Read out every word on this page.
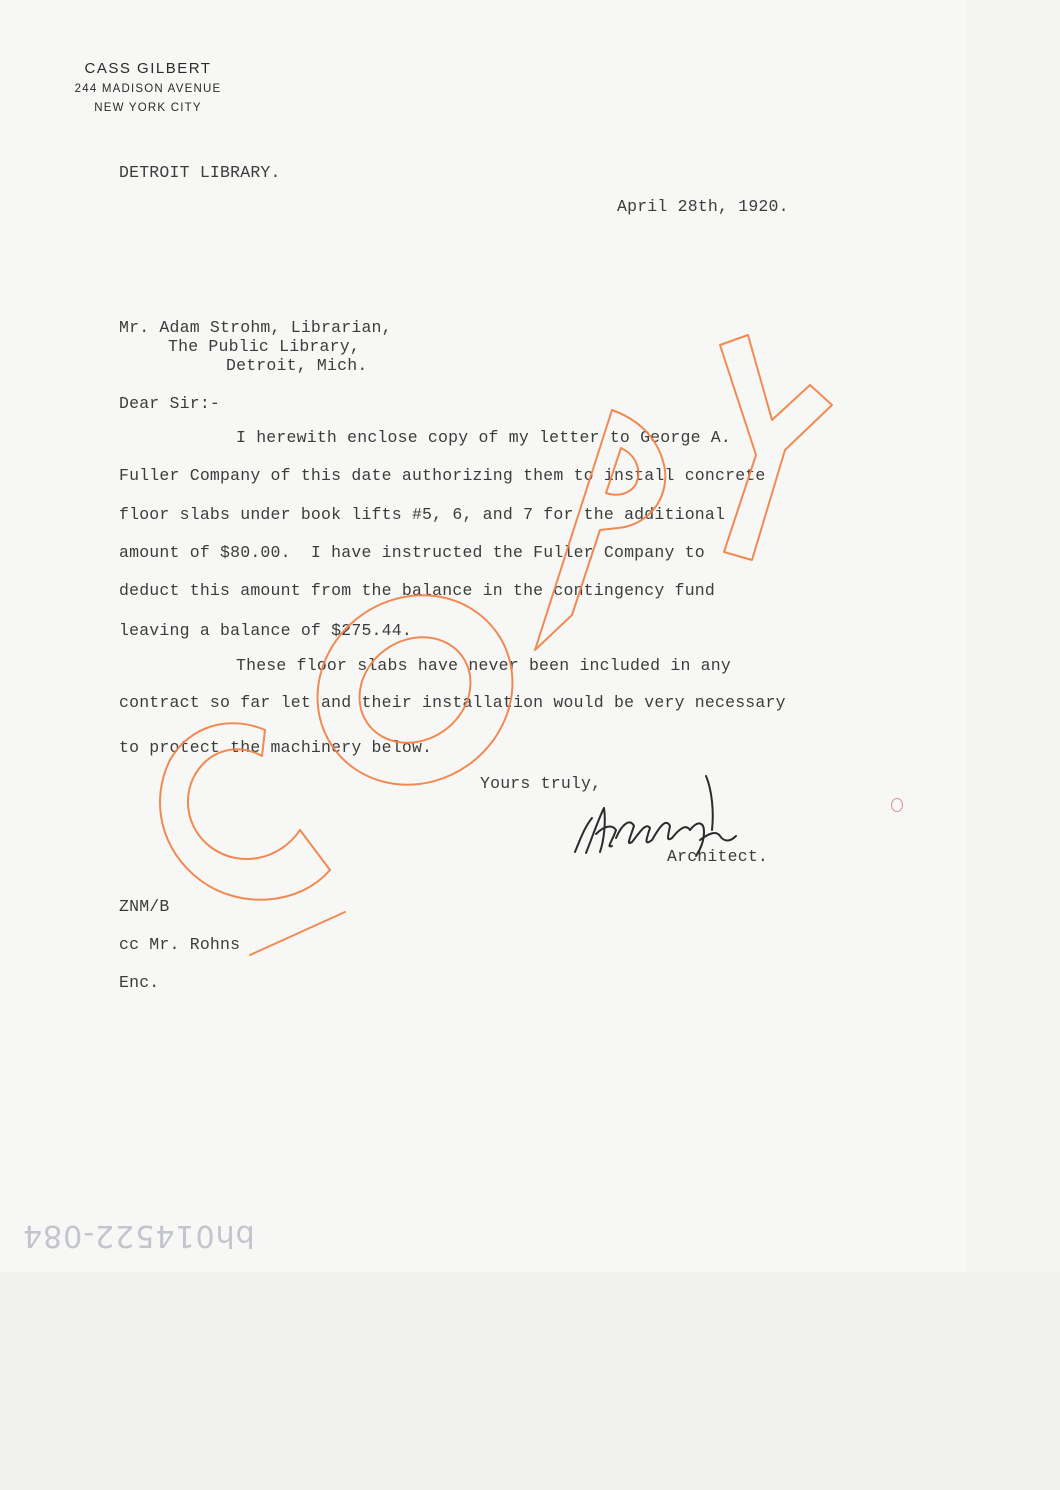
CASS GILBERT
244 MADISON AVENUE
NEW YORK CITY
DETROIT LIBRARY.
April 28th, 1920.
Mr. Adam Strohm, Librarian,
The Public Library,
Detroit, Mich.
Dear Sir:-
I herewith enclose copy of my letter to George A.
Fuller Company of this date authorizing them to install concrete
floor slabs under book lifts #5, 6, and 7 for the additional
amount of $80.00.  I have instructed the Fuller Company to
deduct this amount from the balance in the contingency fund
leaving a balance of $275.44.
These floor slabs have never been included in any
contract so far let and their installation would be very necessary
to protect the machinery below.
Yours truly,
Architect.
ZNM/B
cc Mr. Rohns
Enc.
bh014522-084
